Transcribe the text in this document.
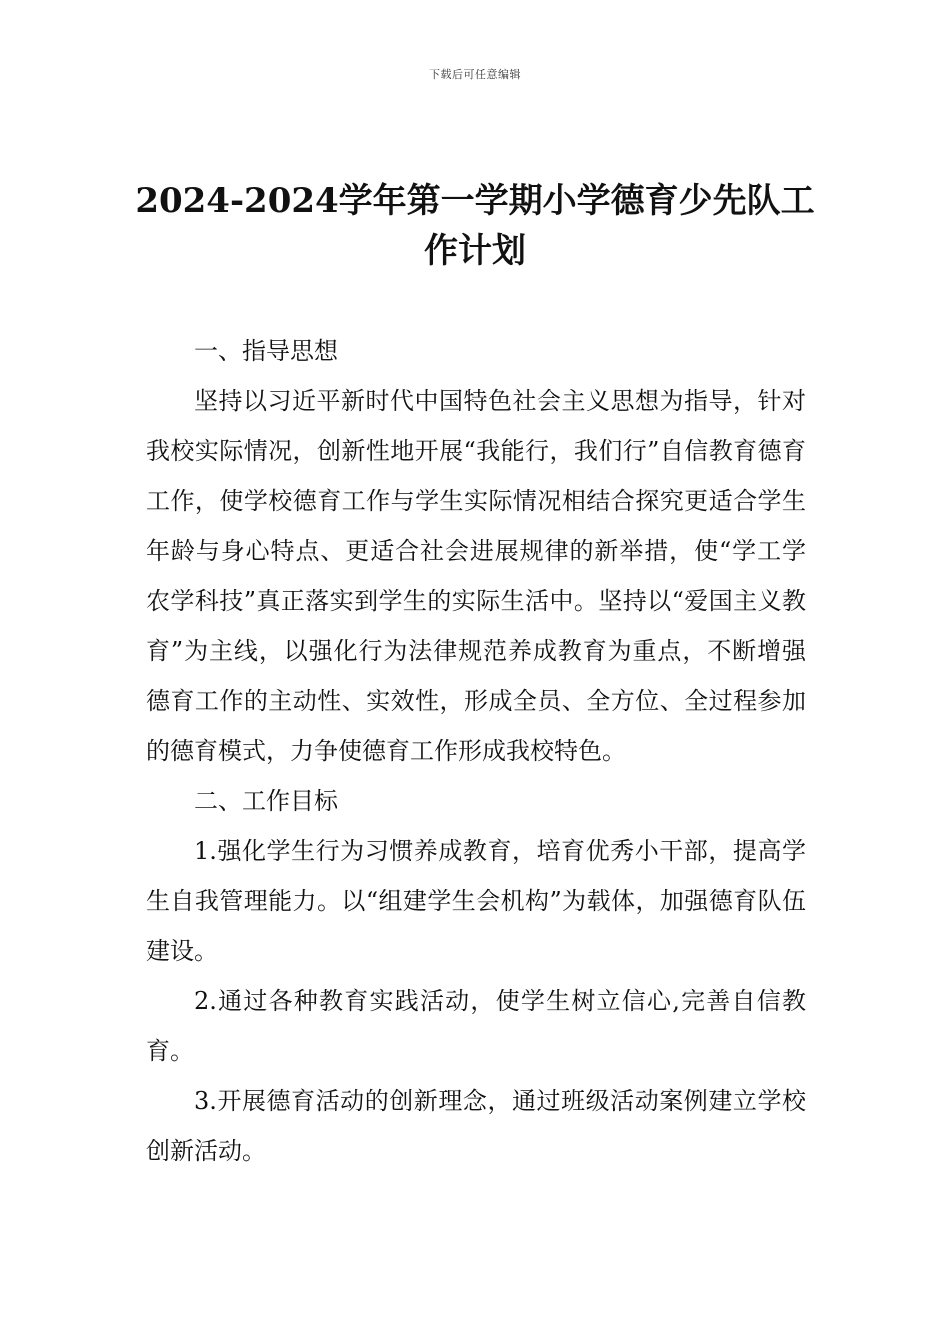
下载后可任意编辑
2024-2024学年第一学期小学德育少先队工作计划

一、指导思想

坚持以习近平新时代中国特色社会主义思想为指导，针对我校实际情况，创新性地开展“我能行，我们行”自信教育德育工作，使学校德育工作与学生实际情况相结合探究更适合学生年龄与身心特点、更适合社会进展规律的新举措，使“学工学农学科技”真正落实到学生的实际生活中。坚持以“爱国主义教育”为主线，以强化行为法律规范养成教育为重点，不断增强德育工作的主动性、实效性，形成全员、全方位、全过程参加的德育模式，力争使德育工作形成我校特色。

二、工作目标

1.强化学生行为习惯养成教育，培育优秀小干部，提高学生自我管理能力。以“组建学生会机构”为载体，加强德育队伍建设。

2.通过各种教育实践活动，使学生树立信心,完善自信教育。

3.开展德育活动的创新理念，通过班级活动案例建立学校创新活动。
